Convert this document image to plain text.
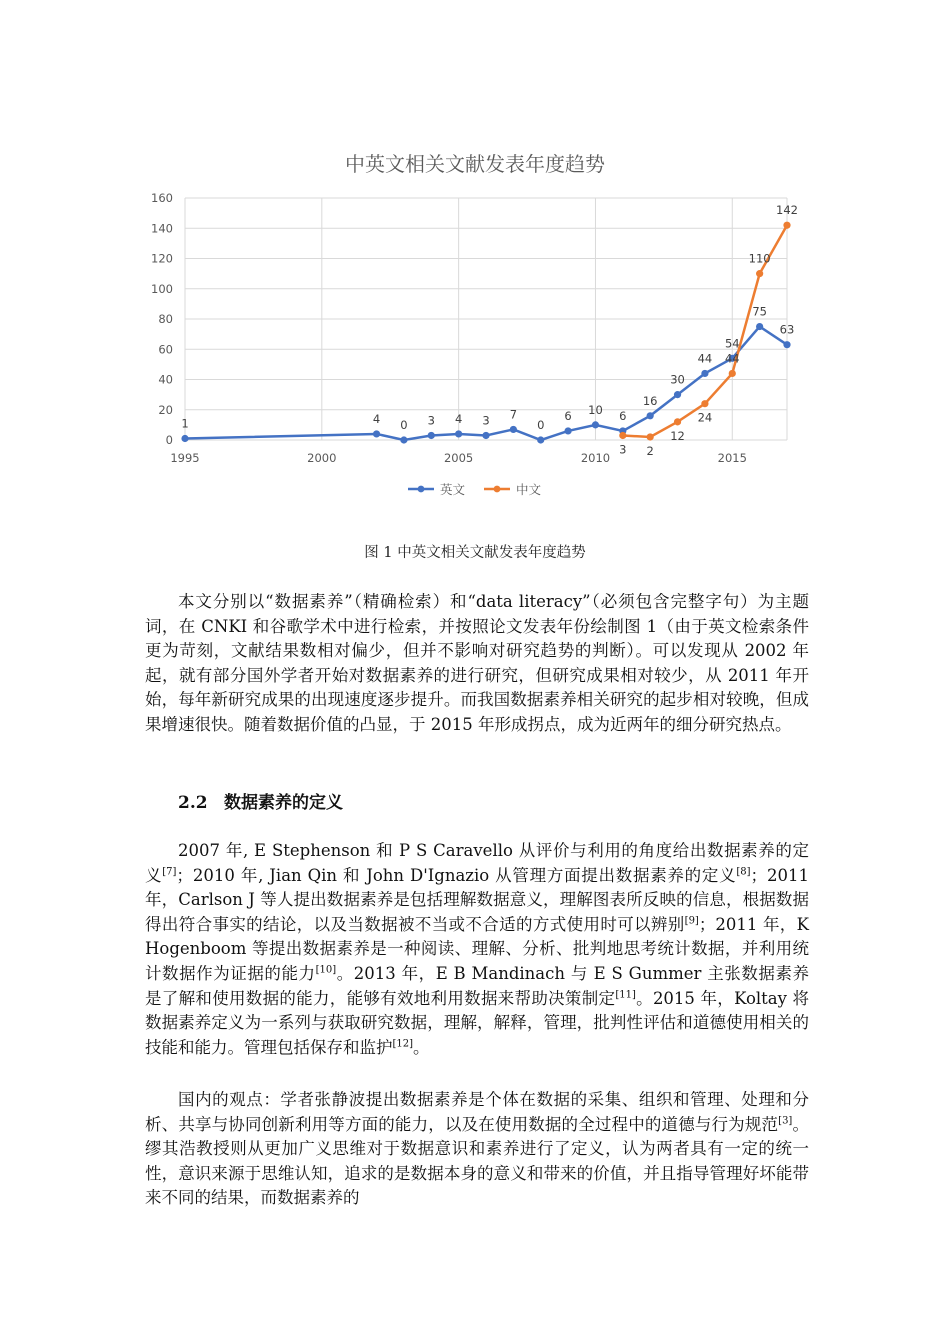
中英文相关文献发表年度趋势
0
20
40
60
80
100
120
140
160
1995	2000	2005	2010	2015
1	4 0 3 4 3 7
0
6 10 6
16
30
44
54
75
63
3 2
12
24
44
110
142
英文	中文
图 1 中英文相关文献发表年度趋势

本文分别以“数据素养”（精确检索）和“data literacy”（必须包含完整字句）为主题词，在 CNKI 和谷歌学术中进行检索，并按照论文发表年份绘制图 1（由于英文检索条件更为苛刻，文献结果数相对偏少，但并不影响对研究趋势的判断）。可以发现从 2002 年起，就有部分国外学者开始对数据素养的进行研究，但研究成果相对较少，从 2011 年开始，每年新研究成果的出现速度逐步提升。而我国数据素养相关研究的起步相对较晚，但成果增速很快。随着数据价值的凸显，于 2015 年形成拐点，成为近两年的细分研究热点。

2.2 数据素养的定义

2007 年, E Stephenson 和 P S Caravello 从评价与利用的角度给出数据素养的定义[7]；2010 年, Jian Qin 和 John D'Ignazio 从管理方面提出数据素养的定义[8]；2011 年，Carlson J 等人提出数据素养是包括理解数据意义，理解图表所反映的信息，根据数据得出符合事实的结论，以及当数据被不当或不合适的方式使用时可以辨别[9]；2011 年，K Hogenboom 等提出数据素养是一种阅读、理解、分析、批判地思考统计数据，并利用统计数据作为证据的能力[10]。2013 年，E B Mandinach 与 E S Gummer 主张数据素养是了解和使用数据的能力，能够有效地利用数据来帮助决策制定[11]。2015 年，Koltay 将数据素养定义为一系列与获取研究数据，理解，解释，管理，批判性评估和道德使用相关的技能和能力。管理包括保存和监护[12]。

国内的观点：学者张静波提出数据素养是个体在数据的采集、组织和管理、处理和分析、共享与协同创新利用等方面的能力，以及在使用数据的全过程中的道德与行为规范[3]。缪其浩教授则从更加广义思维对于数据意识和素养进行了定义，认为两者具有一定的统一性，意识来源于思维认知，追求的是数据本身的意义和带来的价值，并且指导管理好坏能带来不同的结果，而数据素养的
